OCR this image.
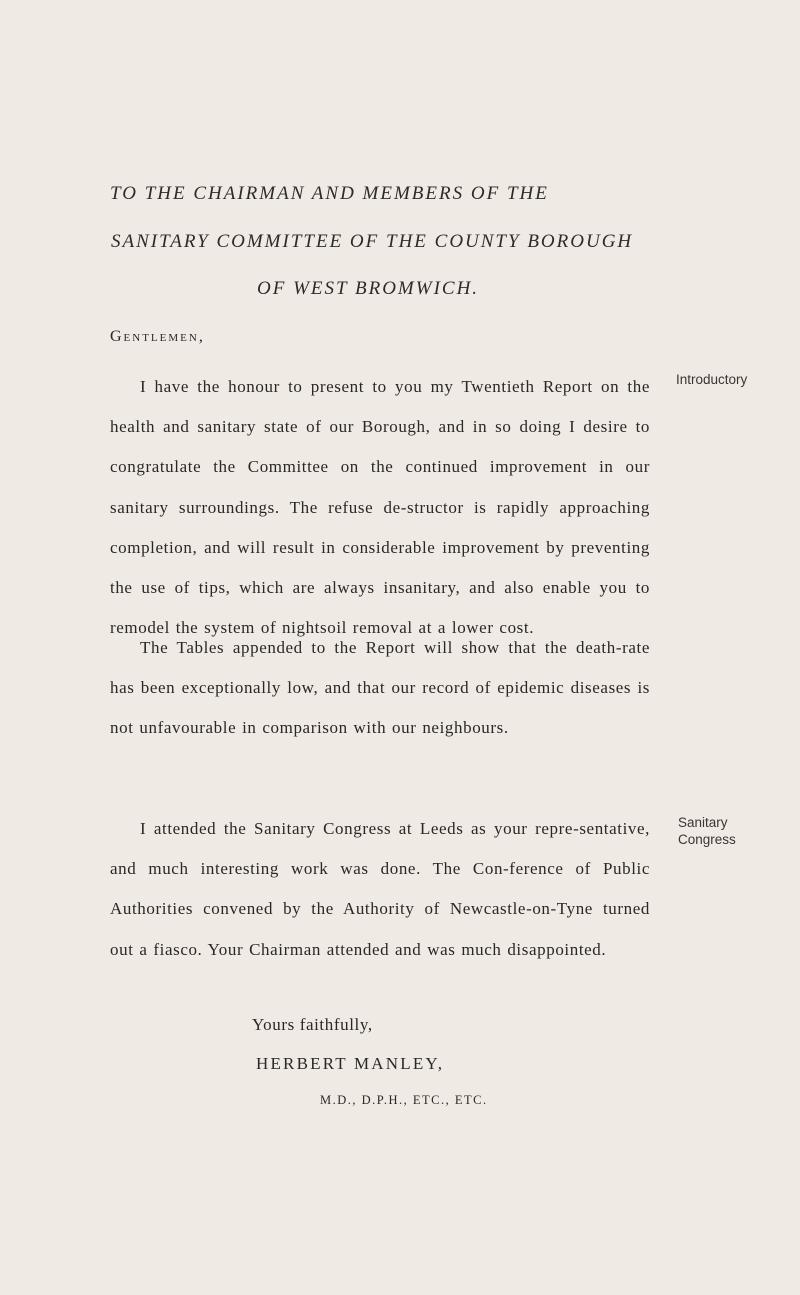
TO THE CHAIRMAN AND MEMBERS OF THE
SANITARY COMMITTEE OF THE COUNTY BOROUGH
OF WEST BROMWICH.
Gentlemen,
I have the honour to present to you my Twentieth Report on the health and sanitary state of our Borough, and in so doing I desire to congratulate the Committee on the continued improvement in our sanitary surroundings. The refuse de-structor is rapidly approaching completion, and will result in considerable improvement by preventing the use of tips, which are always insanitary, and also enable you to remodel the system of nightsoil removal at a lower cost.
Introductory
The Tables appended to the Report will show that the death-rate has been exceptionally low, and that our record of epidemic diseases is not unfavourable in comparison with our neighbours.
I attended the Sanitary Congress at Leeds as your repre-sentative, and much interesting work was done. The Con-ference of Public Authorities convened by the Authority of Newcastle-on-Tyne turned out a fiasco. Your Chairman attended and was much disappointed.
Sanitary Congress
Yours faithfully,
HERBERT MANLEY,
M.D., D.P.H., ETC., ETC.
